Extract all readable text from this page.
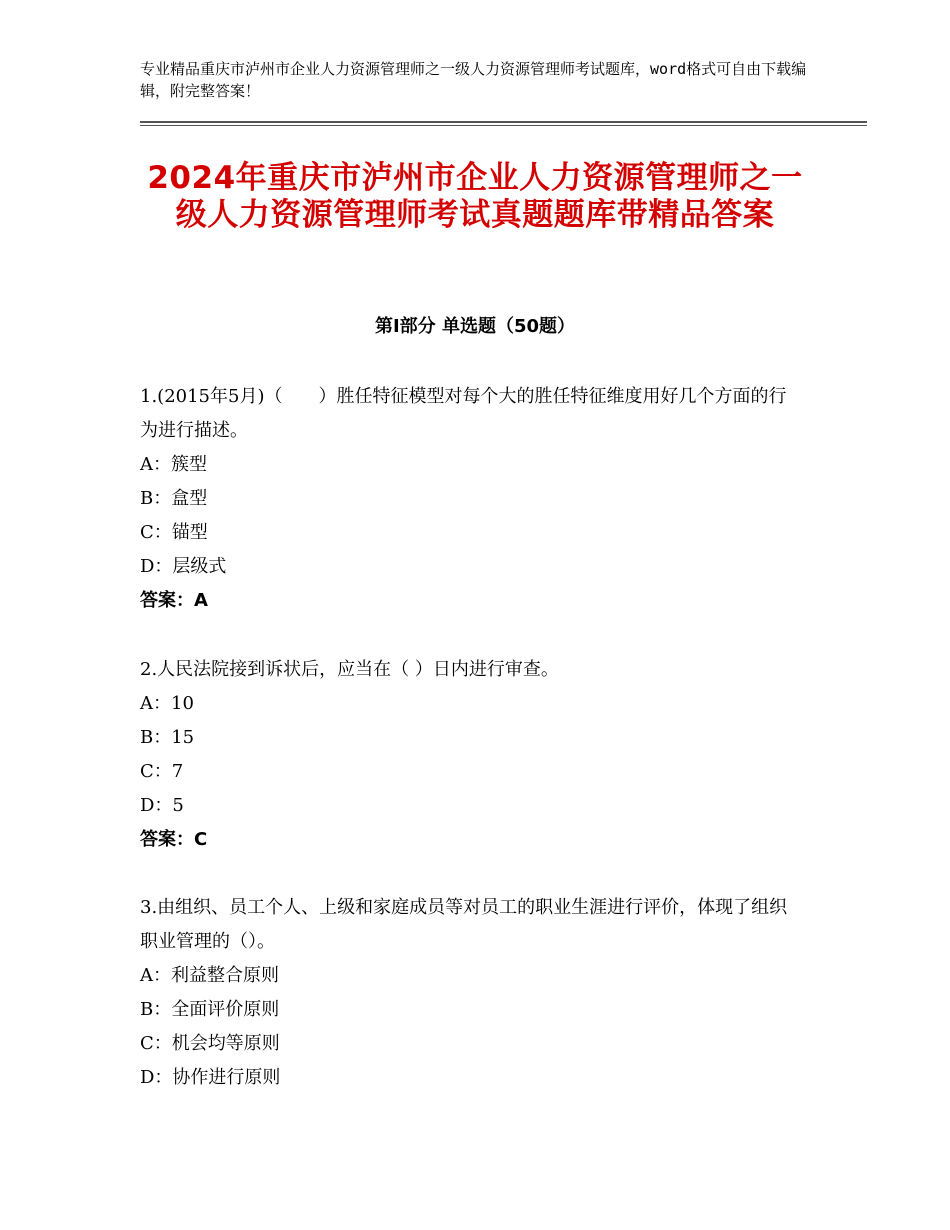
专业精品重庆市泸州市企业人力资源管理师之一级人力资源管理师考试题库，word格式可自由下载编辑，附完整答案！
2024年重庆市泸州市企业人力资源管理师之一级人力资源管理师考试真题题库带精品答案
第Ⅰ部分 单选题（50题）
1.(2015年5月)（　　）胜任特征模型对每个大的胜任特征维度用好几个方面的行为进行描述。
A：簇型
B：盒型
C：锚型
D：层级式
答案：A
2.人民法院接到诉状后，应当在（ ）日内进行审查。
A：10
B：15
C：7
D：5
答案：C
3.由组织、员工个人、上级和家庭成员等对员工的职业生涯进行评价，体现了组织职业管理的（）。
A：利益整合原则
B：全面评价原则
C：机会均等原则
D：协作进行原则
